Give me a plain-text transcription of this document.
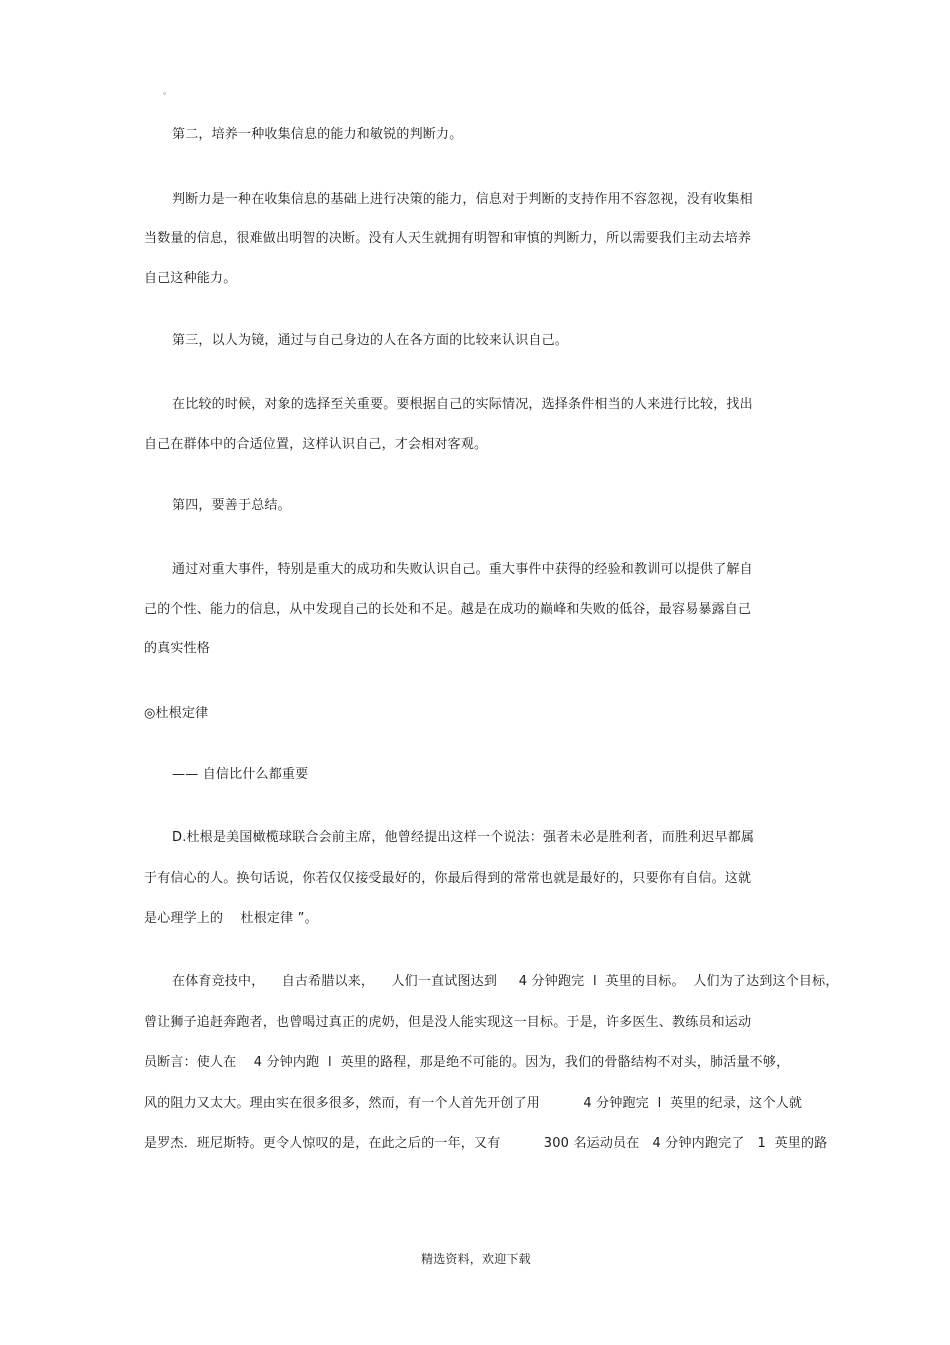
。
第二，培养一种收集信息的能力和敏锐的判断力。
判断力是一种在收集信息的基础上进行决策的能力，信息对于判断的支持作用不容忽视，没有收集相
当数量的信息，很难做出明智的决断。没有人天生就拥有明智和审慎的判断力，所以需要我们主动去培养
自己这种能力。
第三，以人为镜，通过与自己身边的人在各方面的比较来认识自己。
在比较的时候，对象的选择至关重要。要根据自己的实际情况，选择条件相当的人来进行比较，找出
自己在群体中的合适位置，这样认识自己，才会相对客观。
第四，要善于总结。
通过对重大事件，特别是重大的成功和失败认识自己。重大事件中获得的经验和教训可以提供了解自
己的个性、能力的信息，从中发现自己的长处和不足。越是在成功的巅峰和失败的低谷，最容易暴露自己
的真实性格
◎杜根定律
—— 自信比什么都重要
D.杜根是美国橄榄球联合会前主席，他曾经提出这样一个说法：强者未必是胜利者，而胜利迟早都属
于有信心的人。换句话说，你若仅仅接受最好的，你最后得到的常常也就是最好的，只要你有自信。这就
是心理学上的    杜根定律 ”。
在体育竞技中，    自古希腊以来，    人们一直试图达到     4 分钟跑完  l  英里的目标。  人们为了达到这个目标，
曾让狮子追赶奔跑者，也曾喝过真正的虎奶，但是没人能实现这一目标。于是，许多医生、教练员和运动
员断言：使人在    4 分钟内跑  l  英里的路程，那是绝不可能的。因为，我们的骨骼结构不对头，肺活量不够，
风的阻力又太大。理由实在很多很多，然而，有一个人首先开创了用          4 分钟跑完  l  英里的纪录，这个人就
是罗杰．班尼斯特。更令人惊叹的是，在此之后的一年，又有          300 名运动员在   4 分钟内跑完了   1  英里的路
精选资料，欢迎下载
